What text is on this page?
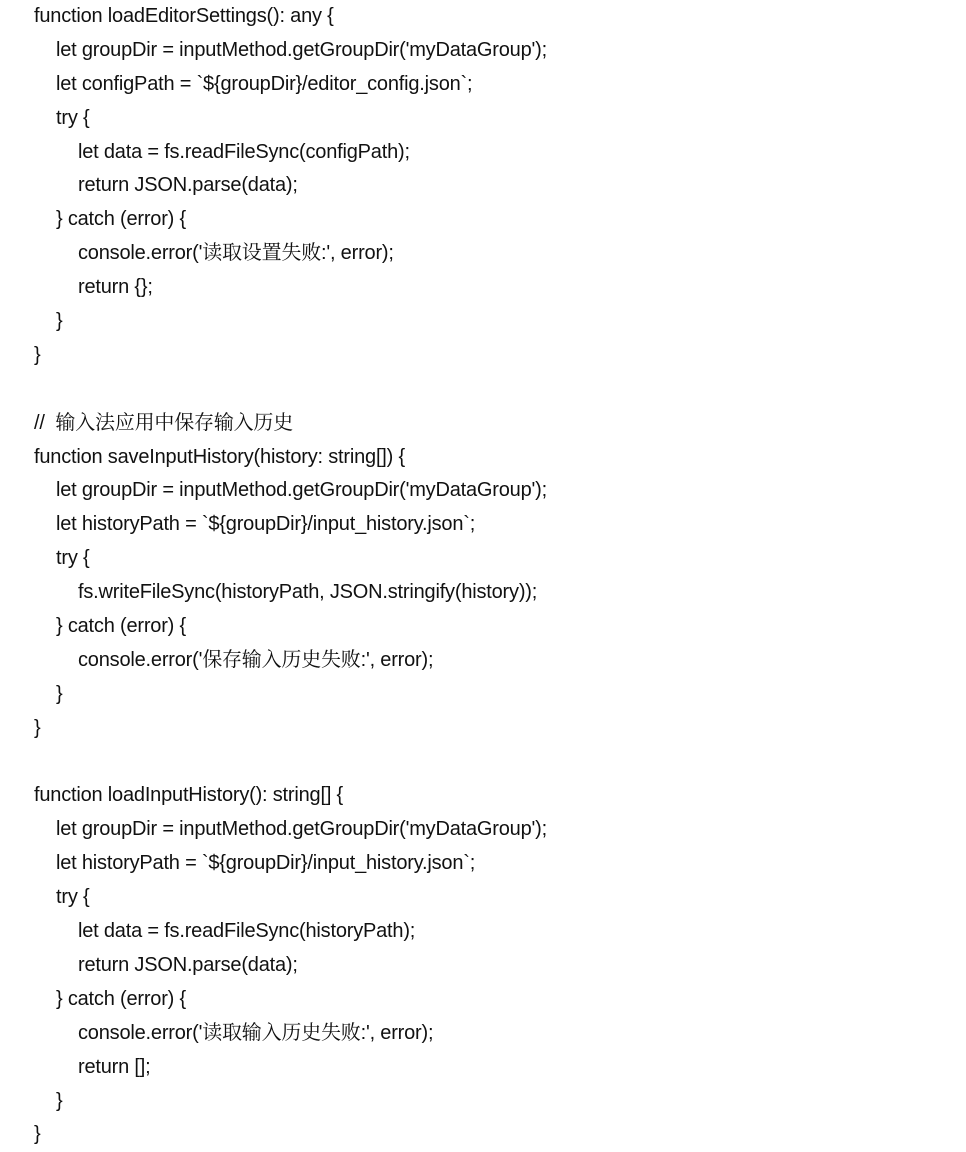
function loadEditorSettings(): any {
let groupDir = inputMethod.getGroupDir('myDataGroup');
let configPath = `${groupDir}/editor_config.json`;
try {
let data = fs.readFileSync(configPath);
return JSON.parse(data);
} catch (error) {
console.error('读取设置失败:', error);
return {};
}
}
//  输入法应用中保存输入历史
function saveInputHistory(history: string[]) {
let groupDir = inputMethod.getGroupDir('myDataGroup');
let historyPath = `${groupDir}/input_history.json`;
try {
fs.writeFileSync(historyPath, JSON.stringify(history));
} catch (error) {
console.error('保存输入历史失败:', error);
}
}
function loadInputHistory(): string[] {
let groupDir = inputMethod.getGroupDir('myDataGroup');
let historyPath = `${groupDir}/input_history.json`;
try {
let data = fs.readFileSync(historyPath);
return JSON.parse(data);
} catch (error) {
console.error('读取输入历史失败:', error);
return [];
}
}
